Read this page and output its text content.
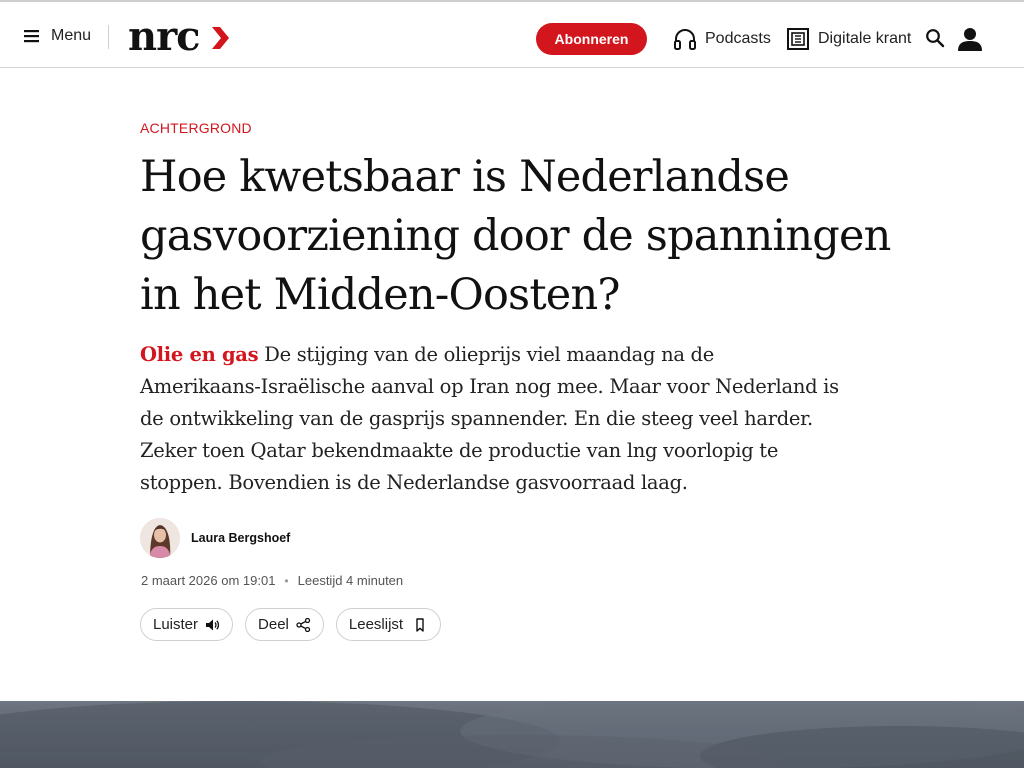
Menu nrc	Abonneren	Podcasts	Digitale krant
ACHTERGROND
Hoe kwetsbaar is Nederlandse gasvoorziening door de spanningen in het Midden-Oosten?

Olie en gas De stijging van de olieprijs viel maandag na de Amerikaans-Israëlische aanval op Iran nog mee. Maar voor Nederland is de ontwikkeling van de gasprijs spannender. En die steeg veel harder. Zeker toen Qatar bekendmaakte de productie van lng voorlopig te stoppen. Bovendien is de Nederlandse gasvoorraad laag.

Laura Bergshoef
2 maart 2026 om 19:01 • Leestijd 4 minuten
Luister	Deel	Leeslijst
